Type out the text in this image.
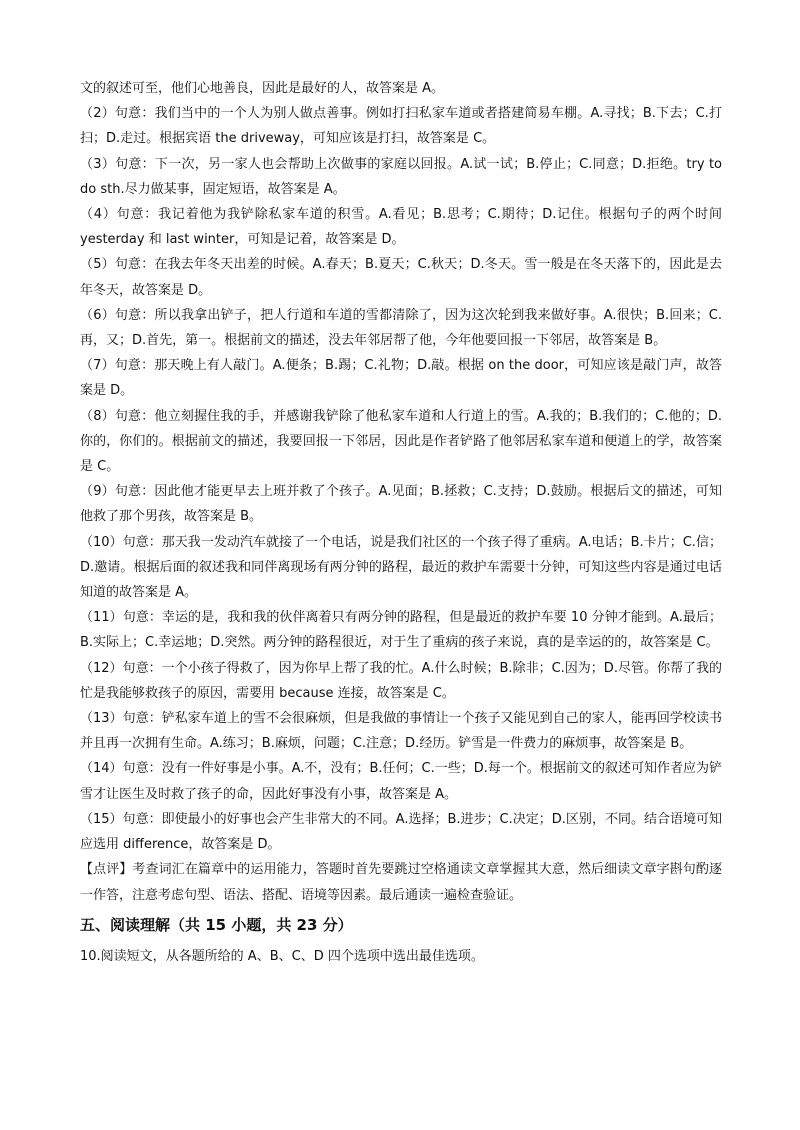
文的叙述可至，他们心地善良，因此是最好的人，故答案是 A。

（2）句意：我们当中的一个人为别人做点善事。例如打扫私家车道或者搭建简易车棚。A.寻找；B.下去；C.打扫；D.走过。根据宾语 the driveway，可知应该是打扫，故答案是 C。

（3）句意：下一次，另一家人也会帮助上次做事的家庭以回报。A.试一试；B.停止；C.同意；D.拒绝。try to do sth.尽力做某事，固定短语，故答案是 A。

（4）句意：我记着他为我铲除私家车道的积雪。A.看见；B.思考；C.期待；D.记住。根据句子的两个时间 yesterday 和 last winter，可知是记着，故答案是 D。

（5）句意：在我去年冬天出差的时候。A.春天；B.夏天；C.秋天；D.冬天。雪一般是在冬天落下的，因此是去年冬天，故答案是 D。

（6）句意：所以我拿出铲子，把人行道和车道的雪都清除了，因为这次轮到我来做好事。A.很快；B.回来；C.再，又；D.首先，第一。根据前文的描述，没去年邻居帮了他，今年他要回报一下邻居，故答案是 B。

（7）句意：那天晚上有人敲门。A.便条；B.踢；C.礼物；D.敲。根据 on the door，可知应该是敲门声，故答案是 D。

（8）句意：他立刻握住我的手，并感谢我铲除了他私家车道和人行道上的雪。A.我的；B.我们的；C.他的；D.你的，你们的。根据前文的描述，我要回报一下邻居，因此是作者铲路了他邻居私家车道和便道上的学，故答案是 C。

（9）句意：因此他才能更早去上班并救了个孩子。A.见面；B.拯救；C.支持；D.鼓励。根据后文的描述，可知他救了那个男孩，故答案是 B。

（10）句意：那天我一发动汽车就接了一个电话，说是我们社区的一个孩子得了重病。A.电话；B.卡片；C.信；D.邀请。根据后面的叙述我和同伴离现场有两分钟的路程，最近的救护车需要十分钟，可知这些内容是通过电话知道的故答案是 A。

（11）句意：幸运的是，我和我的伙伴离着只有两分钟的路程，但是最近的救护车要 10 分钟才能到。A.最后；B.实际上；C.幸运地；D.突然。两分钟的路程很近，对于生了重病的孩子来说，真的是幸运的的，故答案是 C。

（12）句意：一个小孩子得救了，因为你早上帮了我的忙。A.什么时候；B.除非；C.因为；D.尽管。你帮了我的忙是我能够救孩子的原因，需要用 because 连接，故答案是 C。

（13）句意：铲私家车道上的雪不会很麻烦，但是我做的事情让一个孩子又能见到自己的家人，能再回学校读书并且再一次拥有生命。A.练习；B.麻烦，问题；C.注意；D.经历。铲雪是一件费力的麻烦事，故答案是 B。

（14）句意：没有一件好事是小事。A.不，没有；B.任何；C.一些；D.每一个。根据前文的叙述可知作者应为铲雪才让医生及时救了孩子的命，因此好事没有小事，故答案是 A。

（15）句意：即使最小的好事也会产生非常大的不同。A.选择；B.进步；C.决定；D.区别，不同。结合语境可知应选用 difference，故答案是 D。

【点评】考查词汇在篇章中的运用能力，答题时首先要跳过空格通读文章掌握其大意，然后细读文章字斟句酌逐一作答，注意考虑句型、语法、搭配、语境等因素。最后通读一遍检查验证。

五、阅读理解（共 15 小题，共 23 分）

10.阅读短文，从各题所给的 A、B、C、D 四个选项中选出最佳选项。
